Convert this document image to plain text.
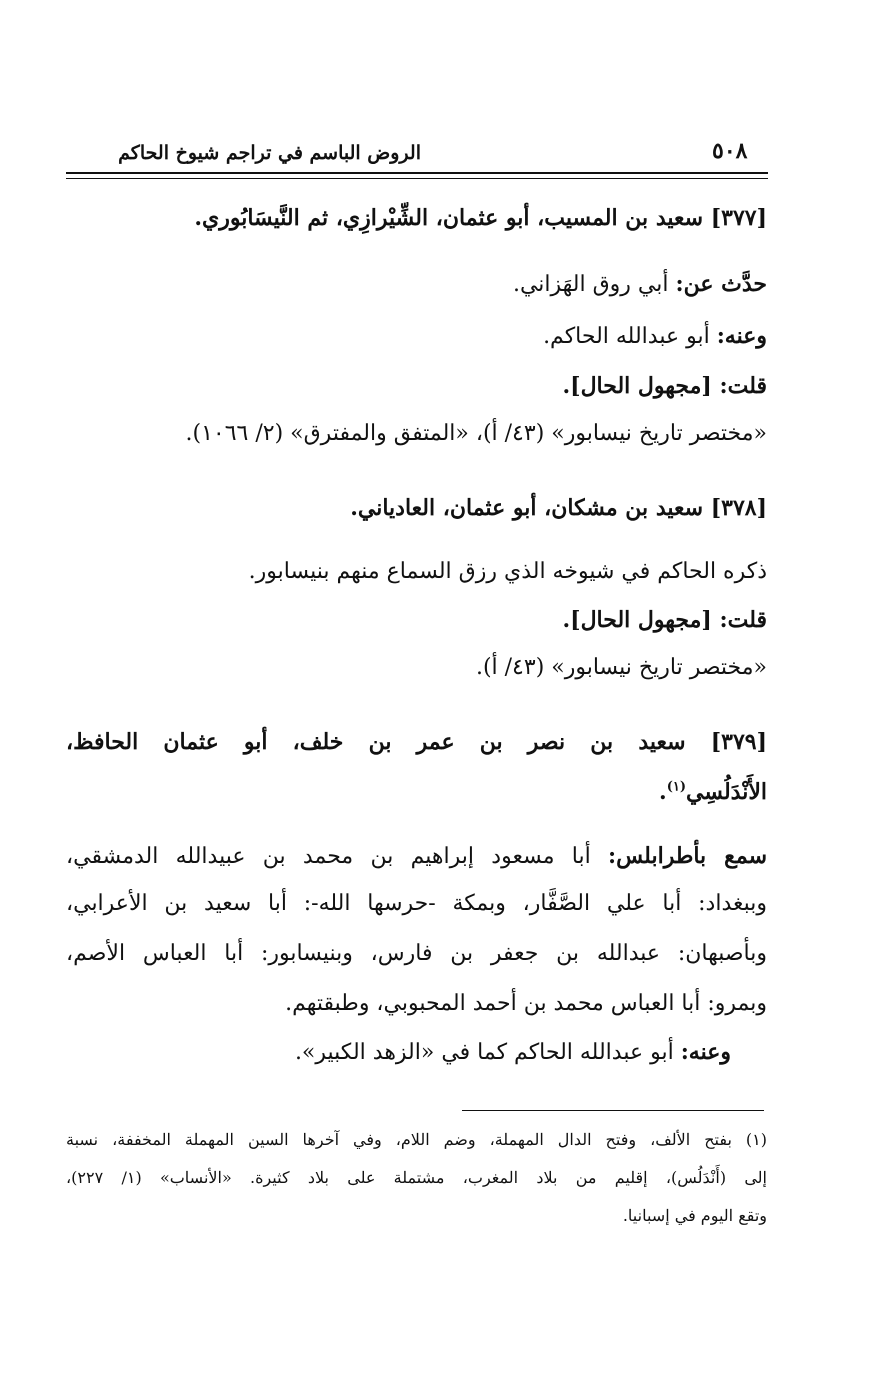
الروض الباسم في تراجم شيوخ الحاكم	٥٠٨
[٣٧٧] سعيد بن المسيب، أبو عثمان، الشِّيْرازِي، ثم النَّيسَابُوري.
حدَّث عن: أبي روق الهَزاني.
وعنه: أبو عبدالله الحاكم.
قلت: [مجهول الحال].
«مختصر تاريخ نيسابور» (٤٣/ أ)، «المتفق والمفترق» (٢/ ١٠٦٦).
[٣٧٨] سعيد بن مشكان، أبو عثمان، العادياني.
ذكره الحاكم في شيوخه الذي رزق السماع منهم بنيسابور.
قلت: [مجهول الحال].
«مختصر تاريخ نيسابور» (٤٣/ أ).
[٣٧٩] سعيد بن نصر بن عمر بن خلف، أبو عثمان الحافظ،
الأَنْدَلُسِي$^{(١)}$.
سمع بأطرابلس: أبا مسعود إبراهيم بن محمد بن عبيدالله الدمشقي،
وببغداد: أبا علي الصَّفَّار، وبمكة -حرسها الله-: أبا سعيد بن الأعرابي،
وبأصبهان: عبدالله بن جعفر بن فارس، وبنيسابور: أبا العباس الأصم،
وبمرو: أبا العباس محمد بن أحمد المحبوبي، وطبقتهم.
وعنه: أبو عبدالله الحاكم كما في «الزهد الكبير».
(١) بفتح الألف، وفتح الدال المهملة، وضم اللام، وفي آخرها السين المهملة المخففة، نسبة
إلى (أَنْدَلُس)، إقليم من بلاد المغرب، مشتملة على بلاد كثيرة. «الأنساب» (١/ ٢٢٧)،
وتقع اليوم في إسبانيا.
